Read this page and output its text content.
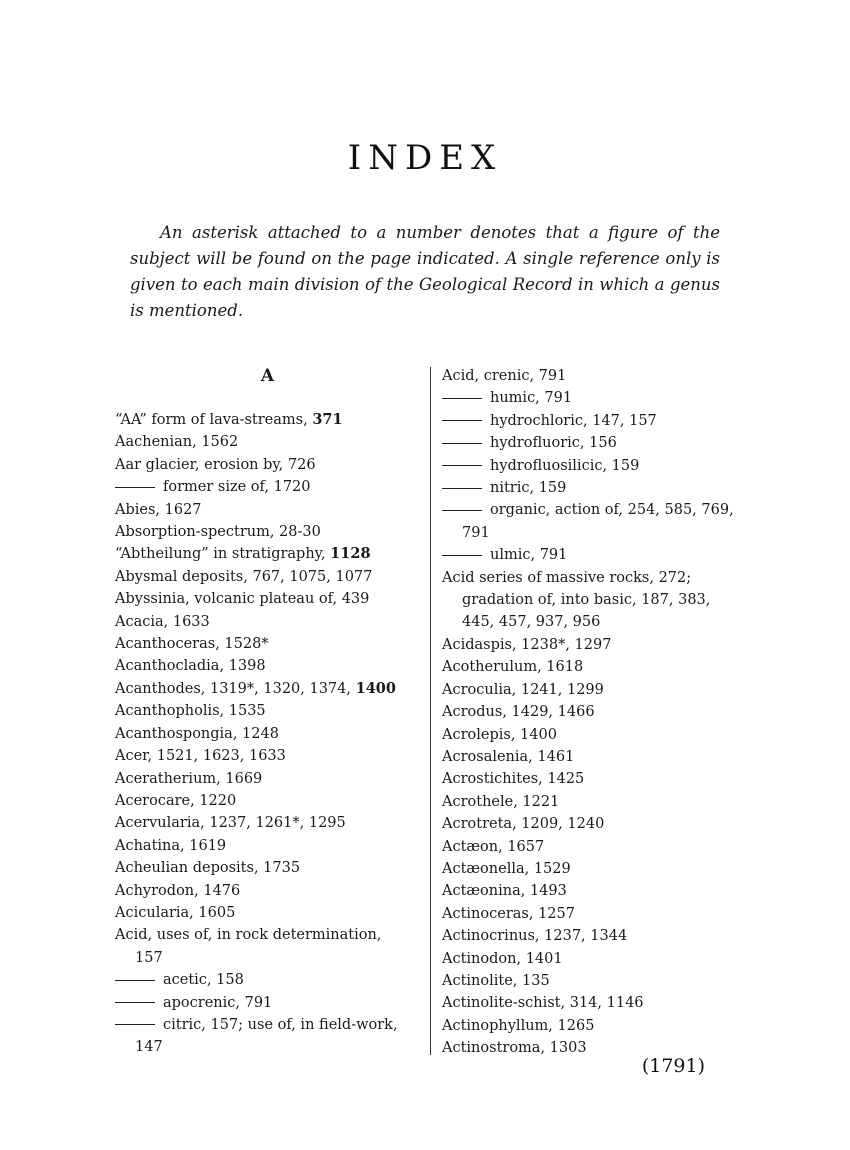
INDEX
An asterisk attached to a number denotes that a figure of the subject will be found on the page indicated. A single reference only is given to each main division of the Geological Record in which a genus is mentioned.
A
“AA” form of lava-streams, 371
Aachenian, 1562
Aar glacier, erosion by, 726
former size of, 1720
Abies, 1627
Absorption-spectrum, 28-30
“Abtheilung” in stratigraphy, 1128
Abysmal deposits, 767, 1075, 1077
Abyssinia, volcanic plateau of, 439
Acacia, 1633
Acanthoceras, 1528*
Acanthocladia, 1398
Acanthodes, 1319*, 1320, 1374, 1400
Acanthopholis, 1535
Acanthospongia, 1248
Acer, 1521, 1623, 1633
Aceratherium, 1669
Acerocare, 1220
Acervularia, 1237, 1261*, 1295
Achatina, 1619
Acheulian deposits, 1735
Achyrodon, 1476
Acicularia, 1605
Acid, uses of, in rock determination,
157
acetic, 158
apocrenic, 791
citric, 157; use of, in field-work,
147
Acid, crenic, 791
humic, 791
hydrochloric, 147, 157
hydrofluoric, 156
hydrofluosilicic, 159
nitric, 159
organic, action of, 254, 585, 769,
791
ulmic, 791
Acid series of massive rocks, 272;
gradation of, into basic, 187, 383,
445, 457, 937, 956
Acidaspis, 1238*, 1297
Acotherulum, 1618
Acroculia, 1241, 1299
Acrodus, 1429, 1466
Acrolepis, 1400
Acrosalenia, 1461
Acrostichites, 1425
Acrothele, 1221
Acrotreta, 1209, 1240
Actæon, 1657
Actæonella, 1529
Actæonina, 1493
Actinoceras, 1257
Actinocrinus, 1237, 1344
Actinodon, 1401
Actinolite, 135
Actinolite-schist, 314, 1146
Actinophyllum, 1265
Actinostroma, 1303
(1791)
